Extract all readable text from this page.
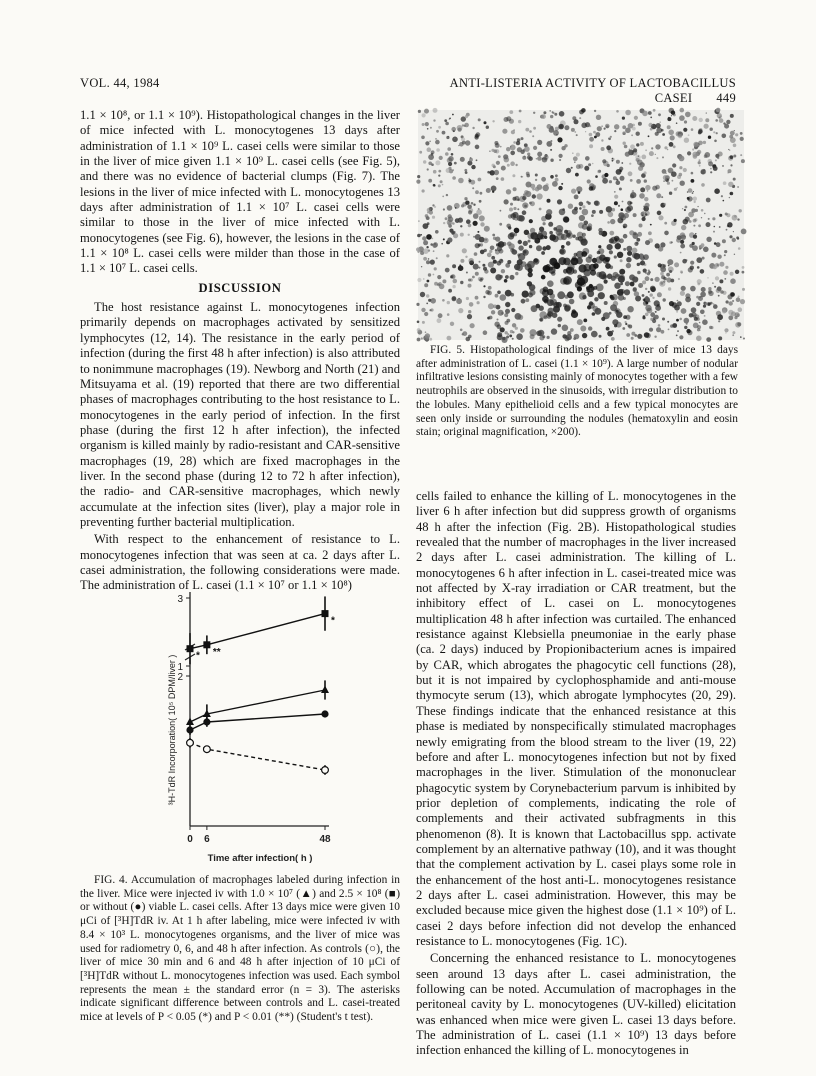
VOL. 44, 1984	ANTI-LISTERIA ACTIVITY OF LACTOBACILLUS CASEI 449

1.1 × 10⁸, or 1.1 × 10⁹). Histopathological changes in the liver of mice infected with L. monocytogenes 13 days after administration of 1.1 × 10⁹ L. casei cells were similar to those in the liver of mice given 1.1 × 10⁹ L. casei cells (see Fig. 5), and there was no evidence of bacterial clumps (Fig. 7). The lesions in the liver of mice infected with L. monocytogenes 13 days after administration of 1.1 × 10⁷ L. casei cells were similar to those in the liver of mice infected with L. monocytogenes (see Fig. 6), however, the lesions in the case of 1.1 × 10⁸ L. casei cells were milder than those in the case of 1.1 × 10⁷ L. casei cells.

DISCUSSION

The host resistance against L. monocytogenes infection primarily depends on macrophages activated by sensitized lymphocytes (12, 14). The resistance in the early period of infection (during the first 48 h after infection) is also attributed to nonimmune macrophages (19). Newborg and North (21) and Mitsuyama et al. (19) reported that there are two differential phases of macrophages contributing to the host resistance to L. monocytogenes in the early period of infection. In the first phase (during the first 12 h after infection), the infected organism is killed mainly by radio-resistant and CAR-sensitive macrophages (19, 28) which are fixed macrophages in the liver. In the second phase (during 12 to 72 h after infection), the radio- and CAR-sensitive macrophages, which newly accumulate at the infection sites (liver), play a major role in preventing further bacterial multiplication.

With respect to the enhancement of resistance to L. monocytogenes infection that was seen at ca. 2 days after L. casei administration, the following considerations were made. The administration of L. casei (1.1 × 10⁷ or 1.1 × 10⁸)

FIG. 5. Histopathological findings of the liver of mice 13 days after administration of L. casei (1.1 × 10⁹). A large number of nodular infiltrative lesions consisting mainly of monocytes together with a few neutrophils are observed in the sinusoids, with irregular distribution to the lobules. Many epithelioid cells and a few typical monocytes are seen only inside or surrounding the nodules (hematoxylin and eosin stain; original magnification, ×200).

1
2
3
0 6	48
Time after infection( h )
³H-TdR Incorporation( 10⁵ DPM/liver ) * **
*

FIG. 4. Accumulation of macrophages labeled during infection in the liver. Mice were injected iv with 1.0 × 10⁷ (▲) and 2.5 × 10⁸ (■) or without (●) viable L. casei cells. After 13 days mice were given 10 μCi of [³H]TdR iv. At 1 h after labeling, mice were infected iv with 8.4 × 10³ L. monocytogenes organisms, and the liver of mice was used for radiometry 0, 6, and 48 h after infection. As controls (○), the liver of mice 30 min and 6 and 48 h after injection of 10 μCi of [³H]TdR without L. monocytogenes infection was used. Each symbol represents the mean ± the standard error (n = 3). The asterisks indicate significant difference between controls and L. casei-treated mice at levels of P < 0.05 (*) and P < 0.01 (**) (Student's t test).

cells failed to enhance the killing of L. monocytogenes in the liver 6 h after infection but did suppress growth of organisms 48 h after the infection (Fig. 2B). Histopathological studies revealed that the number of macrophages in the liver increased 2 days after L. casei administration. The killing of L. monocytogenes 6 h after infection in L. casei-treated mice was not affected by X-ray irradiation or CAR treatment, but the inhibitory effect of L. casei on L. monocytogenes multiplication 48 h after infection was curtailed. The enhanced resistance against Klebsiella pneumoniae in the early phase (ca. 2 days) induced by Propionibacterium acnes is impaired by CAR, which abrogates the phagocytic cell functions (28), but it is not impaired by cyclophosphamide and anti-mouse thymocyte serum (13), which abrogate lymphocytes (20, 29). These findings indicate that the enhanced resistance at this phase is mediated by nonspecifically stimulated macrophages newly emigrating from the blood stream to the liver (19, 22) before and after L. monocytogenes infection but not by fixed macrophages in the liver. Stimulation of the mononuclear phagocytic system by Corynebacterium parvum is inhibited by prior depletion of complements, indicating the role of complements and their activated subfragments in this phenomenon (8). It is known that Lactobacillus spp. activate complement by an alternative pathway (10), and it was thought that the complement activation by L. casei plays some role in the enhancement of the host anti-L. monocytogenes resistance 2 days after L. casei administration. However, this may be excluded because mice given the highest dose (1.1 × 10⁹) of L. casei 2 days before infection did not develop the enhanced resistance to L. monocytogenes (Fig. 1C).

Concerning the enhanced resistance to L. monocytogenes seen around 13 days after L. casei administration, the following can be noted. Accumulation of macrophages in the peritoneal cavity by L. monocytogenes (UV-killed) elicitation was enhanced when mice were given L. casei 13 days before. The administration of L. casei (1.1 × 10⁹) 13 days before infection enhanced the killing of L. monocytogenes in
